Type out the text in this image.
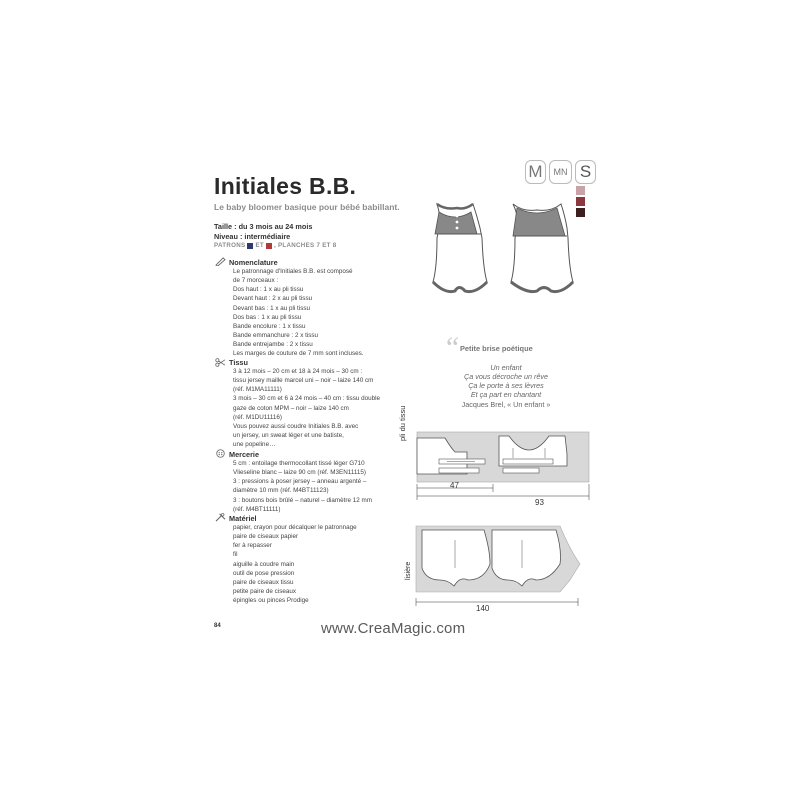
Initiales B.B.
Le baby bloomer basique pour bébé babillant.
Taille : du 3 mois au 24 mois
Niveau : intermédiaire
PATRONS ET , PLANCHES 7 ET 8
Nomenclature
Le patronnage d'Initiales B.B. est composé
de 7 morceaux :
Dos haut : 1 x au pli tissu
Devant haut : 2 x au pli tissu
Devant bas : 1 x au pli tissu
Dos bas : 1 x au pli tissu
Bande encolure : 1 x tissu
Bande emmanchure : 2 x tissu
Bande entrejambe : 2 x tissu
Les marges de couture de 7 mm sont incluses.
Tissu
3 à 12 mois – 20 cm et 18 à 24 mois – 30 cm :
tissu jersey maille marcel uni – noir – laize 140 cm
(réf. M1MA11111)
3 mois – 30 cm et 6 à 24 mois – 40 cm : tissu double
gaze de coton MPM – noir – laize 140 cm
(réf. M1DU11116)
Vous pouvez aussi coudre Initiales B.B. avec
un jersey, un sweat léger et une batiste,
une popeline…
Mercerie
5 cm : entoilage thermocollant tissé léger G710
Vlieseline blanc – laize 90 cm (réf. M3EN11115)
3 : pressions à poser jersey – anneau argenté –
diamètre 10 mm (réf. M4BT11123)
3 : boutons bois brûlé – naturel – diamètre 12 mm
(réf. M4BT11111)
Matériel
papier, crayon pour décalquer le patronnage
paire de ciseaux papier
fer à repasser
fil
aiguille à coudre main
outil de pose pression
paire de ciseaux tissu
petite paire de ciseaux
épingles ou pinces Prodige
84
M	MN S
“ Petite brise poétique
Un enfant
Ça vous décroche un rêve
Ça le porte à ses lèvres
Et ça part en chantant
Jacques Brel, « Un enfant »
pli du tissu
47
93
lisière
140
www.CreaMagic.com
